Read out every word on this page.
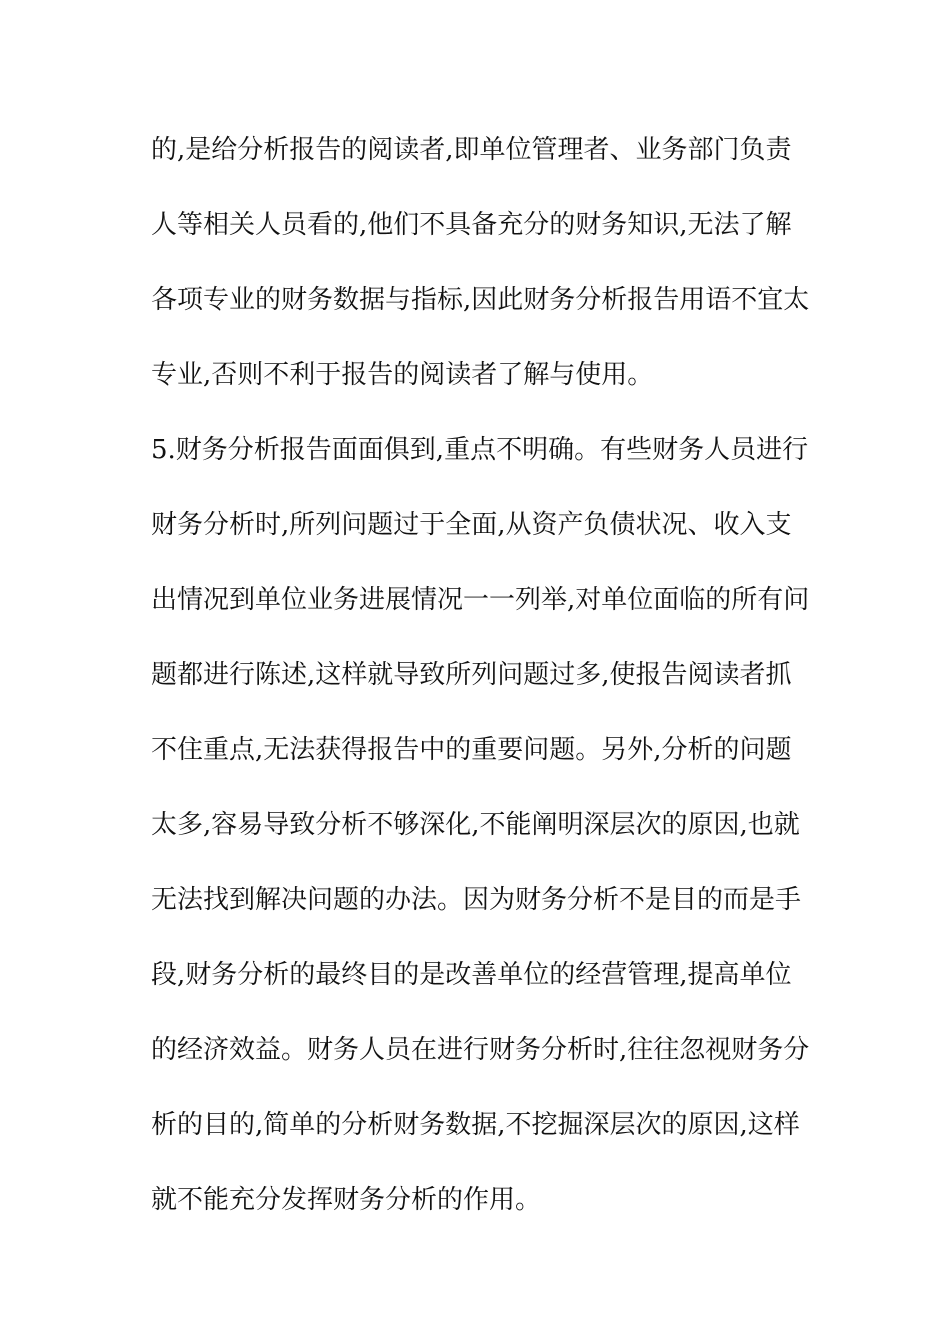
的,是给分析报告的阅读者,即单位管理者、业务部门负责
人等相关人员看的,他们不具备充分的财务知识,无法了解
各项专业的财务数据与指标,因此财务分析报告用语不宜太
专业,否则不利于报告的阅读者了解与使用。
5.财务分析报告面面俱到,重点不明确。有些财务人员进行
财务分析时,所列问题过于全面,从资产负债状况、收入支
出情况到单位业务进展情况一一列举,对单位面临的所有问
题都进行陈述,这样就导致所列问题过多,使报告阅读者抓
不住重点,无法获得报告中的重要问题。另外,分析的问题
太多,容易导致分析不够深化,不能阐明深层次的原因,也就
无法找到解决问题的办法。因为财务分析不是目的而是手
段,财务分析的最终目的是改善单位的经营管理,提高单位
的经济效益。财务人员在进行财务分析时,往往忽视财务分
析的目的,简单的分析财务数据,不挖掘深层次的原因,这样
就不能充分发挥财务分析的作用。
